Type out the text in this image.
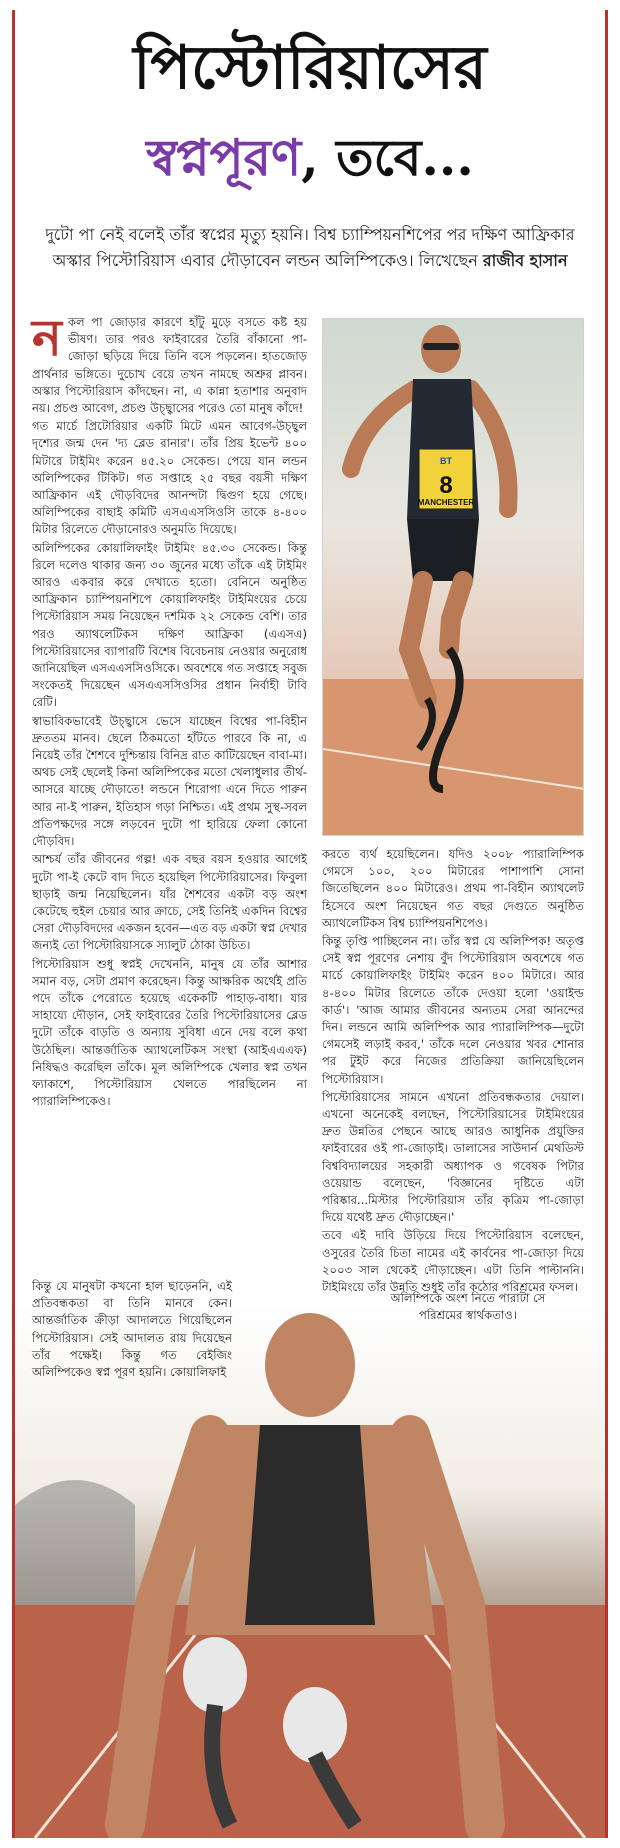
পিস্টোরিয়াসের
স্বপ্নপূরণ, তবে...

দুটো পা নেই বলেই তাঁর স্বপ্নের মৃত্যু হয়নি। বিশ্ব চ্যাম্পিয়নশিপের পর দক্ষিণ আফ্রিকার অস্কার পিস্টোরিয়াস এবার দৌড়াবেন লন্ডন অলিম্পিকেও। লিখেছেন রাজীব হাসান

BT
8
MANCHESTER
ন কল পা জোড়ার কারণে হাঁটু মুড়ে বসতে কষ্ট হয় ভীষণ। তার পরও ফাইবারের তৈরি বাঁকানো পা-জোড়া ছড়িয়ে দিয়ে তিনি বসে পড়লেন। হাতজোড় প্রার্থনার ভঙ্গিতে। দুচোখ বেয়ে তখন নামছে অশ্রুর প্লাবন। অস্কার পিস্টোরিয়াস কাঁদছেন। না, এ কান্না হতাশার অনুবাদ নয়। প্রচণ্ড আবেগ, প্রচণ্ড উচ্ছ্বাসের পরেও তো মানুষ কাঁদে!

গত মার্চে প্রিটোরিয়ার একটি মিটে এমন আবেগ-উচ্ছ্বল দৃশ্যের জন্ম দেন 'দ্য ব্লেড রানার'। তাঁর প্রিয় ইভেন্ট ৪০০ মিটারে টাইমিং করেন ৪৫.২০ সেকেন্ড। পেয়ে যান লন্ডন অলিম্পিকের টিকিট। গত সপ্তাহে ২৫ বছর বয়সী দক্ষিণ আফ্রিকান এই দৌড়বিদের আনন্দটা দ্বিগুণ হয়ে গেছে। অলিম্পিকের বাছাই কমিটি এসএএসসিওসি তাকে ৪-৪০০ মিটার রিলেতে দৌড়ানোরও অনুমতি দিয়েছে।

অলিম্পিকের কোয়ালিফাইং টাইমিং ৪৫.৩০ সেকেন্ড। কিন্তু রিলে দলেও থাকার জন্য ৩০ জুনের মধ্যে তাঁকে এই টাইমিং আরও একবার করে দেখাতে হতো। বেনিনে অনুষ্ঠিত আফ্রিকান চ্যাম্পিয়নশিপে কোয়ালিফাইং টাইমিংয়ের চেয়ে পিস্টোরিয়াস সময় নিয়েছেন দশমিক ২২ সেকেন্ড বেশি। তার পরও অ্যাথলেটিকস দক্ষিণ আফ্রিকা (এএসএ) পিস্টোরিয়াসের ব্যাপারটি বিশেষ বিবেচনায় নেওয়ার অনুরোধ জানিয়েছিল এসএএসসিওসিকে। অবশেষে গত সপ্তাহে সবুজ সংকেতই দিয়েছেন এসএএসসিওসির প্রধান নির্বাহী টাবি রেটি।

স্বাভাবিকভাবেই উচ্ছ্বাসে ভেসে যাচ্ছেন বিশ্বের পা-বিহীন দ্রুততম মানব। ছেলে ঠিকমতো হাঁটতে পারবে কি না, এ নিয়েই তাঁর শৈশবে দুশ্চিন্তায় বিনিদ্র রাত কাটিয়েছেন বাবা-মা। অথচ সেই ছেলেই কিনা অলিম্পিকের মতো খেলাধুলার তীর্থ-আসরে যাচ্ছে দৌড়াতে! লন্ডনে শিরোপা এনে দিতে পারুন আর না-ই পারুন, ইতিহাস গড়া নিশ্চিত। এই প্রথম সুস্থ-সবল প্রতিপক্ষদের সঙ্গে লড়বেন দুটো পা হারিয়ে ফেলা কোনো দৌড়বিদ।

আশ্চর্য তাঁর জীবনের গল্প! এক বছর বয়স হওয়ার আগেই দুটো পা-ই কেটে বাদ দিতে হয়েছিল পিস্টোরিয়াসের। ফিবুলা ছাড়াই জন্ম নিয়েছিলেন। যাঁর শৈশবের একটা বড় অংশ কেটেছে হুইল চেয়ার আর ক্রাচে, সেই তিনিই একদিন বিশ্বের সেরা দৌড়বিদদের একজন হবেন—এত বড় একটা স্বপ্ন দেখার জন্যই তো পিস্টোরিয়াসকে স্যালুট ঠোকা উচিত।

পিস্টোরিয়াস শুধু স্বপ্নই দেখেননি, মানুষ যে তাঁর আশার সমান বড়, সেটা প্রমাণ করেছেন। কিন্তু আক্ষরিক অর্থেই প্রতি পদে তাঁকে পেরোতে হয়েছে একেকটি পাহাড়-বাধা। যার সাহায্যে দৌড়ান, সেই ফাইবারের তৈরি পিস্টোরিয়াসের ব্লেড দুটো তাঁকে বাড়তি ও অন্যায় সুবিধা এনে দেয় বলে কথা উঠেছিল। আন্তর্জাতিক অ্যাথলেটিকস সংস্থা (আইএএএফ) নিষিদ্ধও করেছিল তাঁকে। মূল অলিম্পিকে খেলার স্বপ্ন তখন ফ্যাকাশে, পিস্টোরিয়াস খেলতে পারছিলেন না প্যারালিম্পিকেও।

করতে ব্যর্থ হয়েছিলেন। যদিও ২০০৮ প্যারালিম্পিক গেমসে ১০০, ২০০ মিটারের পাশাপাশি সোনা জিতেছিলেন ৪০০ মিটারেও। প্রথম পা-বিহীন অ্যাথলেট হিসেবে অংশ নিয়েছেন গত বছর দেগুতে অনুষ্ঠিত অ্যাথলেটিকস বিশ্ব চ্যাম্পিয়নশিপেও।

কিন্তু তৃপ্তি পাচ্ছিলেন না। তাঁর স্বপ্ন যে অলিম্পিক! অতৃপ্ত সেই স্বপ্ন পূরণের নেশায় বুঁদ পিস্টোরিয়াস অবশেষে গত মার্চে কোয়ালিফাইং টাইমিং করেন ৪০০ মিটারে। আর ৪-৪০০ মিটার রিলেতে তাঁকে দেওয়া হলো 'ওয়াইল্ড কার্ড'। 'আজ আমার জীবনের অন্যতম সেরা আনন্দের দিন। লন্ডনে আমি অলিম্পিক আর প্যারালিম্পিক—দুটো গেমসেই লড়াই করব,' তাঁকে দলে নেওয়ার খবর শোনার পর টুইট করে নিজের প্রতিক্রিয়া জানিয়েছিলেন পিস্টোরিয়াস।

পিস্টোরিয়াসের সামনে এখনো প্রতিবন্ধকতার দেয়াল। এখনো অনেকেই বলছেন, পিস্টোরিয়াসের টাইমিংয়ের দ্রুত উন্নতির পেছনে আছে আরও আধুনিক প্রযুক্তির ফাইবারের ওই পা-জোড়াই। ডালাসের সাউদার্ন মেথডিস্ট বিশ্ববিদ্যালয়ের সহকারী অধ্যাপক ও গবেষক পিটার ওয়েয়ান্ড বলেছেন, 'বিজ্ঞানের দৃষ্টিতে এটা পরিষ্কার...মিস্টার পিস্টোরিয়াস তাঁর কৃত্রিম পা-জোড়া দিয়ে যথেষ্ট দ্রুত দৌড়াচ্ছেন।'

তবে এই দাবি উড়িয়ে দিয়ে পিস্টোরিয়াস বলেছেন, ওসুরের তৈরি চিতা নামের এই কার্বনের পা-জোড়া দিয়ে ২০০৩ সাল থেকেই দৌড়াচ্ছেন। এটা তিনি পাল্টাননি। টাইমিংয়ে তাঁর উন্নতি শুধুই তাঁর কঠোর পরিশ্রমের ফসল।

কিন্তু যে মানুষটা কখনো হাল ছাড়েননি, এই প্রতিবন্ধকতা বা তিনি মানবে কেন। আন্তর্জাতিক ক্রীড়া আদালতে গিয়েছিলেন পিস্টোরিয়াস। সেই আদালত রায় দিয়েছেন তাঁর পক্ষেই। কিন্তু গত বেইজিং অলিম্পিকেও স্বপ্ন পূরণ হয়নি। কোয়ালিফাই

অলিম্পিকে অংশ নিতে পারাটা সে পরিশ্রমের স্বার্থকতাও।
